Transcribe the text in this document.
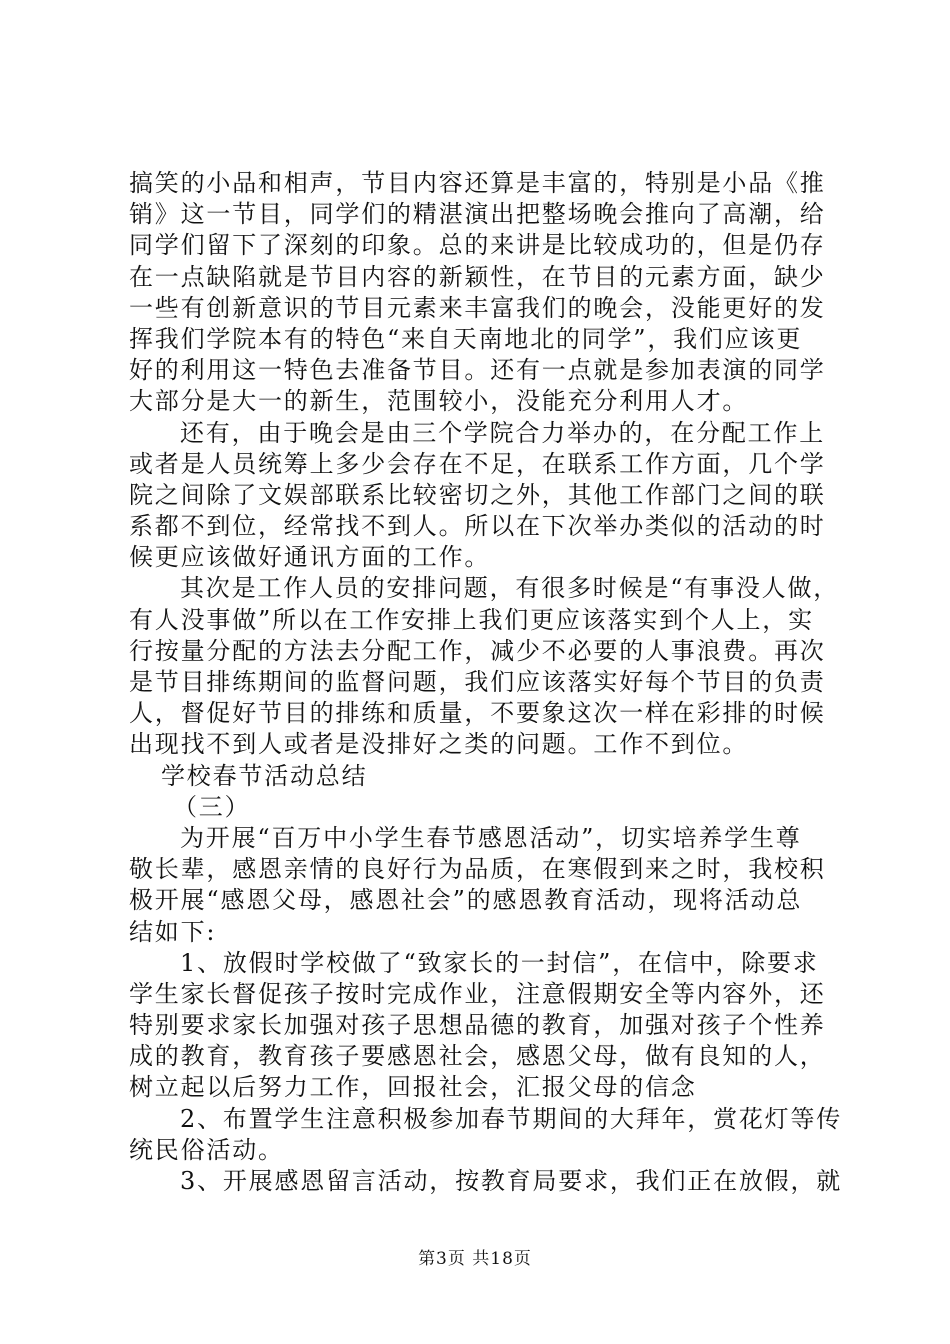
搞笑的小品和相声，节目内容还算是丰富的，特别是小品《推
销》这一节目，同学们的精湛演出把整场晚会推向了高潮，给
同学们留下了深刻的印象。总的来讲是比较成功的，但是仍存
在一点缺陷就是节目内容的新颖性，在节目的元素方面，缺少
一些有创新意识的节目元素来丰富我们的晚会，没能更好的发
挥我们学院本有的特色“来自天南地北的同学”，我们应该更
好的利用这一特色去准备节目。还有一点就是参加表演的同学
大部分是大一的新生，范围较小，没能充分利用人才。
还有，由于晚会是由三个学院合力举办的，在分配工作上
或者是人员统筹上多少会存在不足，在联系工作方面，几个学
院之间除了文娱部联系比较密切之外，其他工作部门之间的联
系都不到位，经常找不到人。所以在下次举办类似的活动的时
候更应该做好通讯方面的工作。
其次是工作人员的安排问题，有很多时候是“有事没人做，
有人没事做”所以在工作安排上我们更应该落实到个人上，实
行按量分配的方法去分配工作，减少不必要的人事浪费。再次
是节目排练期间的监督问题，我们应该落实好每个节目的负责
人，督促好节目的排练和质量，不要象这次一样在彩排的时候
出现找不到人或者是没排好之类的问题。工作不到位。
学校春节活动总结
（三）
为开展“百万中小学生春节感恩活动”，切实培养学生尊
敬长辈，感恩亲情的良好行为品质，在寒假到来之时，我校积
极开展“感恩父母，感恩社会”的感恩教育活动，现将活动总
结如下:
1、放假时学校做了“致家长的一封信”，在信中，除要求
学生家长督促孩子按时完成作业，注意假期安全等内容外，还
特别要求家长加强对孩子思想品德的教育，加强对孩子个性养
成的教育，教育孩子要感恩社会，感恩父母，做有良知的人，
树立起以后努力工作，回报社会，汇报父母的信念
2、布置学生注意积极参加春节期间的大拜年，赏花灯等传
统民俗活动。
3、开展感恩留言活动，按教育局要求，我们正在放假，就
第3页 共18页
